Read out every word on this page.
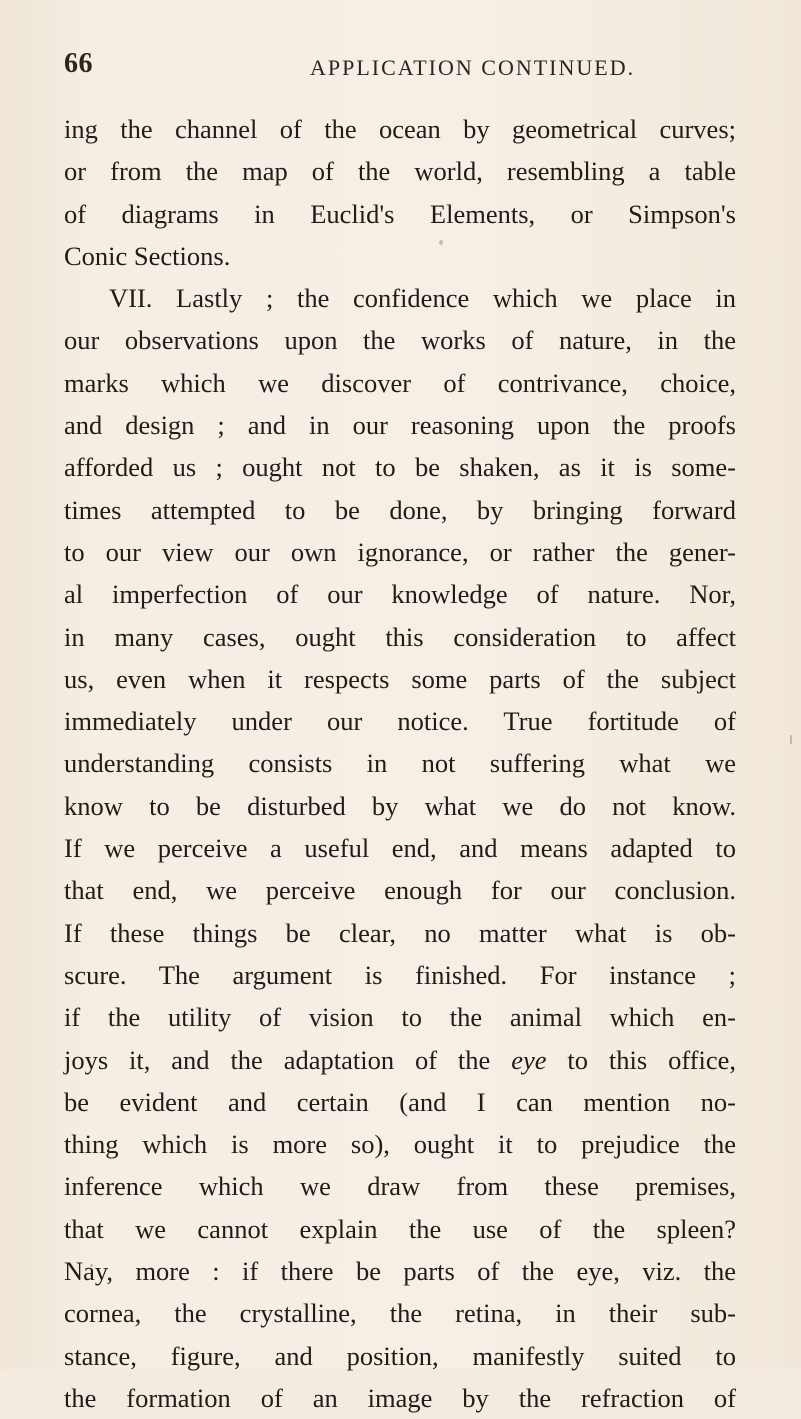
66	APPLICATION CONTINUED.

ing the channel of the ocean by geometrical curves;
or from the map of the world, resembling a table
of diagrams in Euclid's Elements, or Simpson's
Conic Sections.
VII. Lastly ; the confidence which we place in
our observations upon the works of nature, in the
marks which we discover of contrivance, choice,
and design ; and in our reasoning upon the proofs
afforded us ; ought not to be shaken, as it is some-
times attempted to be done, by bringing forward
to our view our own ignorance, or rather the gener-
al imperfection of our knowledge of nature. Nor,
in many cases, ought this consideration to affect
us, even when it respects some parts of the subject
immediately under our notice. True fortitude of
understanding consists in not suffering what we
know to be disturbed by what we do not know.
If we perceive a useful end, and means adapted to
that end, we perceive enough for our conclusion.
If these things be clear, no matter what is ob-
scure. The argument is finished. For instance ;
if the utility of vision to the animal which en-
joys it, and the adaptation of the eye to this office,
be evident and certain (and I can mention no-
thing which is more so), ought it to prejudice the
inference which we draw from these premises,
that we cannot explain the use of the spleen?
Nay, more : if there be parts of the eye, viz. the
cornea, the crystalline, the retina, in their sub-
stance, figure, and position, manifestly suited to
the formation of an image by the refraction of
